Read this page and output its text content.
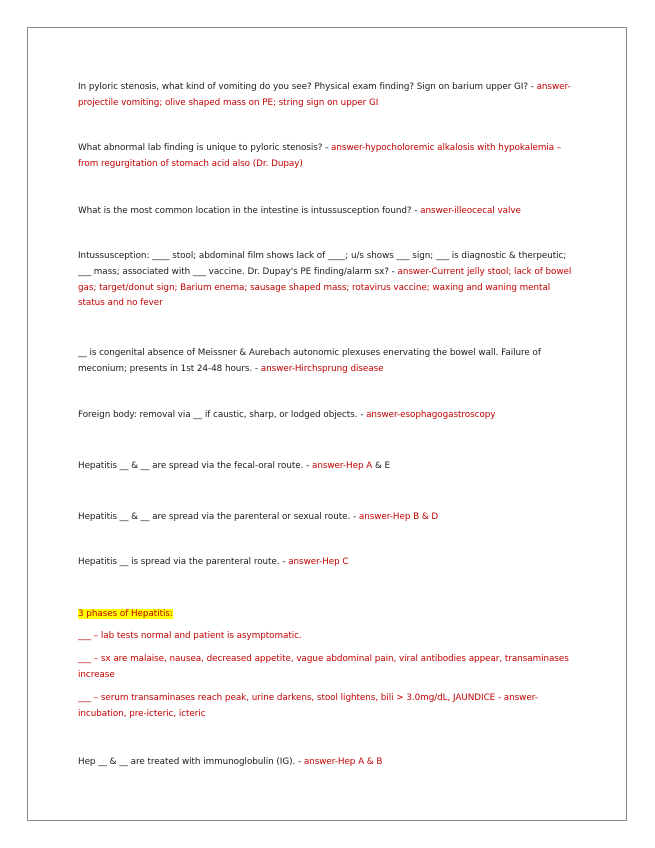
In pyloric stenosis, what kind of vomiting do you see? Physical exam finding? Sign on barium upper GI? - answer-projectile vomiting; olive shaped mass on PE; string sign on upper GI

What abnormal lab finding is unique to pyloric stenosis? - answer-hypocholoremic alkalosis with hypokalemia – from regurgitation of stomach acid also (Dr. Dupay)

What is the most common location in the intestine is intussusception found? - answer-illeocecal valve

Intussusception: ____ stool; abdominal film shows lack of ____; u/s shows ___ sign; ___ is diagnostic & therpeutic; ___ mass; associated with ___ vaccine. Dr. Dupay's PE finding/alarm sx? - answer-Current jelly stool; lack of bowel gas; target/donut sign; Barium enema; sausage shaped mass; rotavirus vaccine; waxing and waning mental status and no fever

__ is congenital absence of Meissner & Aurebach autonomic plexuses enervating the bowel wall. Failure of meconium; presents in 1st 24-48 hours. - answer-Hirchsprung disease

Foreign body: removal via __ if caustic, sharp, or lodged objects. - answer-esophagogastroscopy

Hepatitis __ & __ are spread via the fecal-oral route. - answer-Hep A & E

Hepatitis __ & __ are spread via the parenteral or sexual route. - answer-Hep B & D

Hepatitis __ is spread via the parenteral route. - answer-Hep C

3 phases of Hepatitis:

___ – lab tests normal and patient is asymptomatic.

___ – sx are malaise, nausea, decreased appetite, vague abdominal pain, viral antibodies appear, transaminases increase

___ – serum transaminases reach peak, urine darkens, stool lightens, bili > 3.0mg/dL, JAUNDICE - answer-incubation, pre-icteric, icteric

Hep __ & __ are treated with immunoglobulin (IG). - answer-Hep A & B
